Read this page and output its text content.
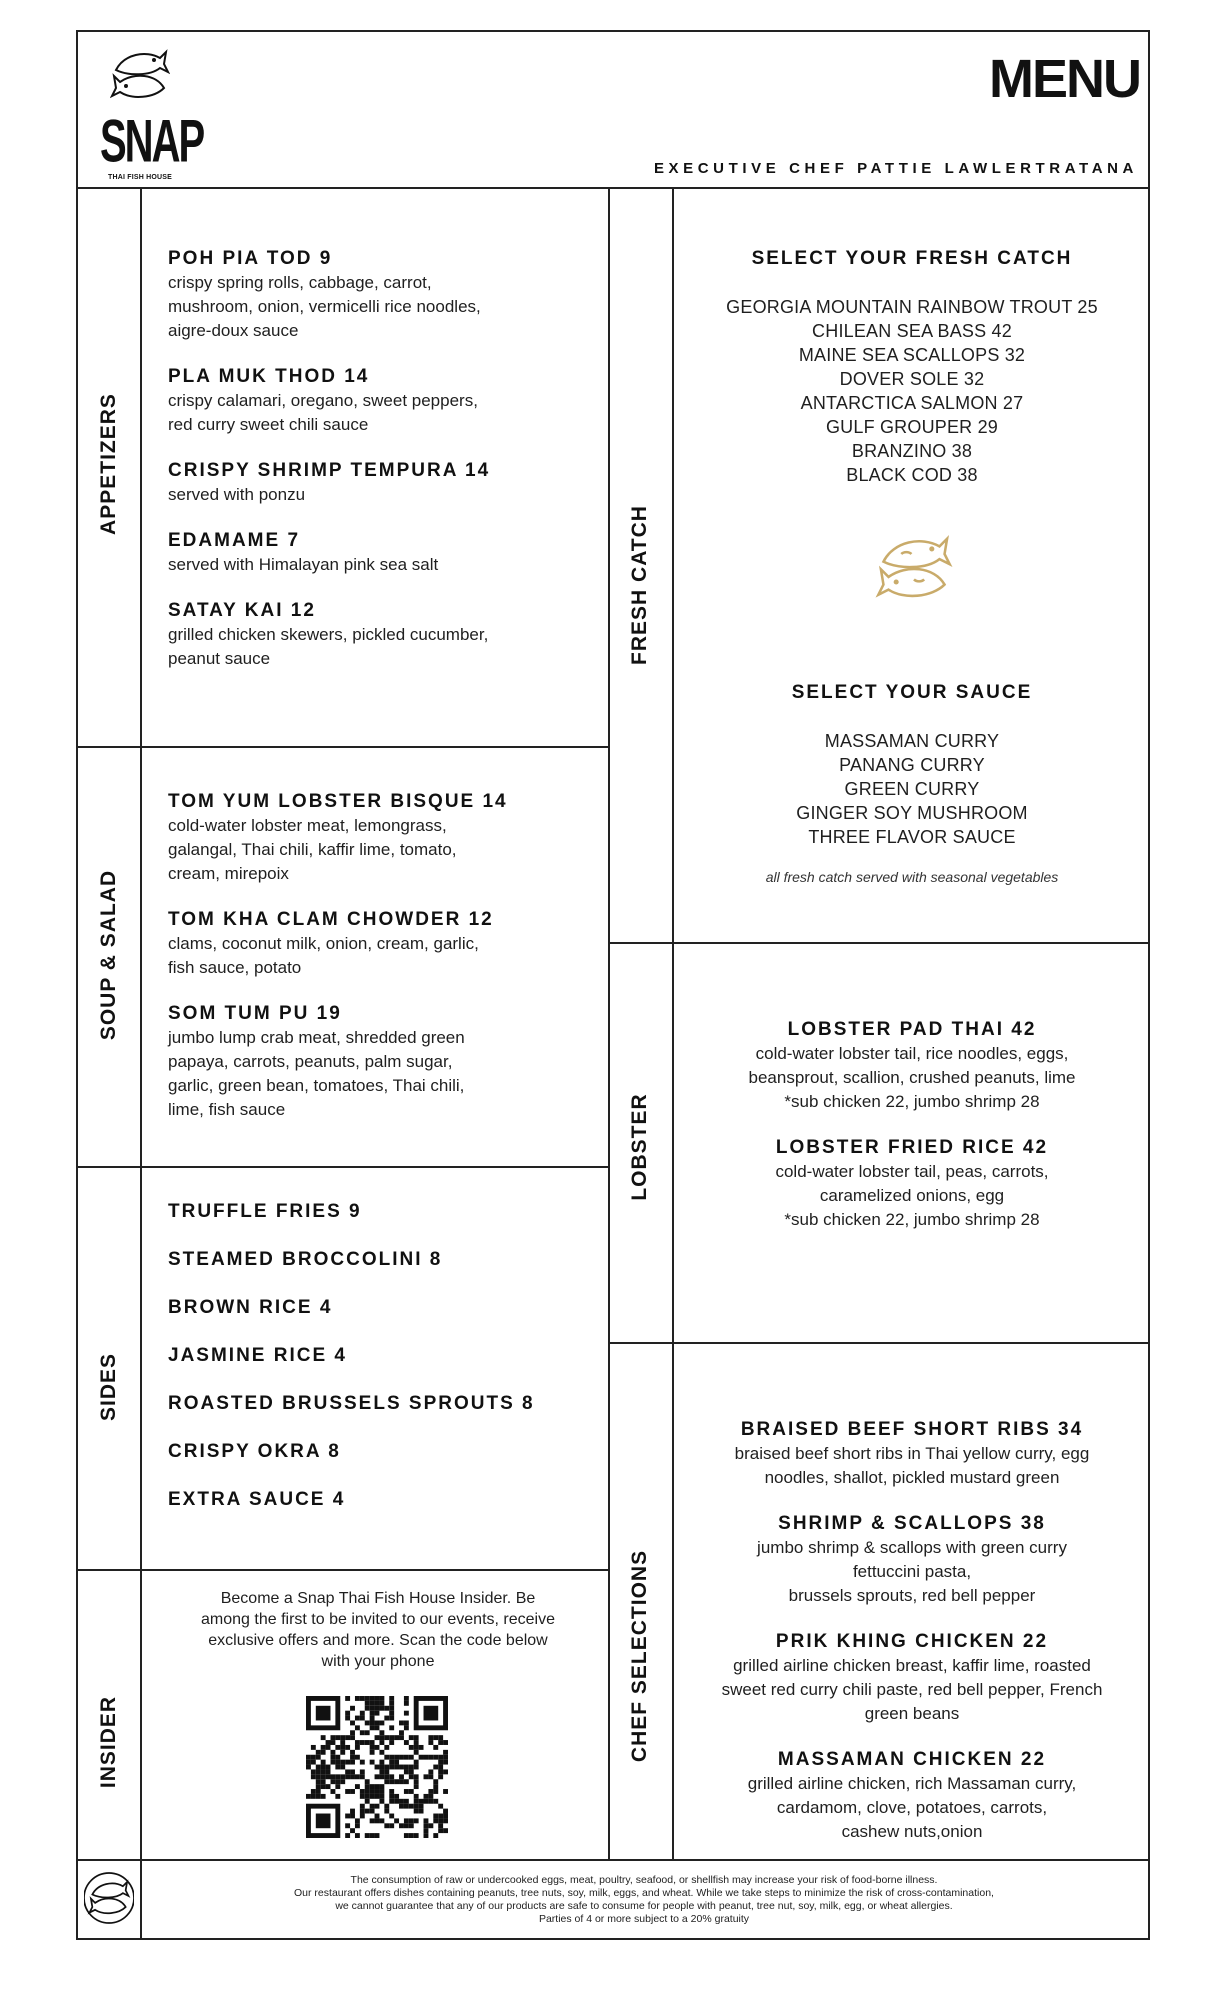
SNAP
THAI FISH HOUSE
MENU
EXECUTIVE CHEF PATTIE LAWLERTRATANA
APPETIZERS
SOUP & SALAD
SIDES
INSIDER
FRESH CATCH
LOBSTER
CHEF SELECTIONS
POH PIA TOD 9
crispy spring rolls, cabbage, carrot,
mushroom, onion, vermicelli rice noodles,
aigre-doux sauce
PLA MUK THOD 14
crispy calamari, oregano, sweet peppers,
red curry sweet chili sauce
CRISPY SHRIMP TEMPURA 14
served with ponzu
EDAMAME 7
served with Himalayan pink sea salt
SATAY KAI 12
grilled chicken skewers, pickled cucumber,
peanut sauce
TOM YUM LOBSTER BISQUE 14
cold-water lobster meat, lemongrass,
galangal, Thai chili, kaffir lime, tomato,
cream, mirepoix
TOM KHA CLAM CHOWDER 12
clams, coconut milk, onion, cream, garlic,
fish sauce, potato
SOM TUM PU 19
jumbo lump crab meat, shredded green
papaya, carrots, peanuts, palm sugar,
garlic, green bean, tomatoes, Thai chili,
lime, fish sauce
TRUFFLE FRIES 9
STEAMED BROCCOLINI 8
BROWN RICE 4
JASMINE RICE 4
ROASTED BRUSSELS SPROUTS 8
CRISPY OKRA 8
EXTRA SAUCE 4
Become a Snap Thai Fish House Insider. Be
among the first to be invited to our events, receive
exclusive offers and more. Scan the code below
with your phone
SELECT YOUR FRESH CATCH
GEORGIA MOUNTAIN RAINBOW TROUT 25
CHILEAN SEA BASS 42
MAINE SEA SCALLOPS 32
DOVER SOLE 32
ANTARCTICA SALMON 27
GULF GROUPER 29
BRANZINO 38
BLACK COD 38
SELECT YOUR SAUCE
MASSAMAN CURRY
PANANG CURRY
GREEN CURRY
GINGER SOY MUSHROOM
THREE FLAVOR SAUCE
all fresh catch served with seasonal vegetables
LOBSTER PAD THAI 42
cold-water lobster tail, rice noodles, eggs,
beansprout, scallion, crushed peanuts, lime
*sub chicken 22, jumbo shrimp 28
LOBSTER FRIED RICE 42
cold-water lobster tail, peas, carrots,
caramelized onions, egg
*sub chicken 22, jumbo shrimp 28
BRAISED BEEF SHORT RIBS 34
braised beef short ribs in Thai yellow curry, egg
noodles, shallot, pickled mustard green
SHRIMP & SCALLOPS 38
jumbo shrimp & scallops with green curry
fettuccini pasta,
brussels sprouts, red bell pepper
PRIK KHING CHICKEN 22
grilled airline chicken breast, kaffir lime, roasted
sweet red curry chili paste, red bell pepper, French
green beans
MASSAMAN CHICKEN 22
grilled airline chicken, rich Massaman curry,
cardamom, clove, potatoes, carrots,
cashew nuts,onion
The consumption of raw or undercooked eggs, meat, poultry, seafood, or shellfish may increase your risk of food-borne illness.
Our restaurant offers dishes containing peanuts, tree nuts, soy, milk, eggs, and wheat. While we take steps to minimize the risk of cross-contamination,
we cannot guarantee that any of our products are safe to consume for people with peanut, tree nut, soy, milk, egg, or wheat allergies.
Parties of 4 or more subject to a 20% gratuity
